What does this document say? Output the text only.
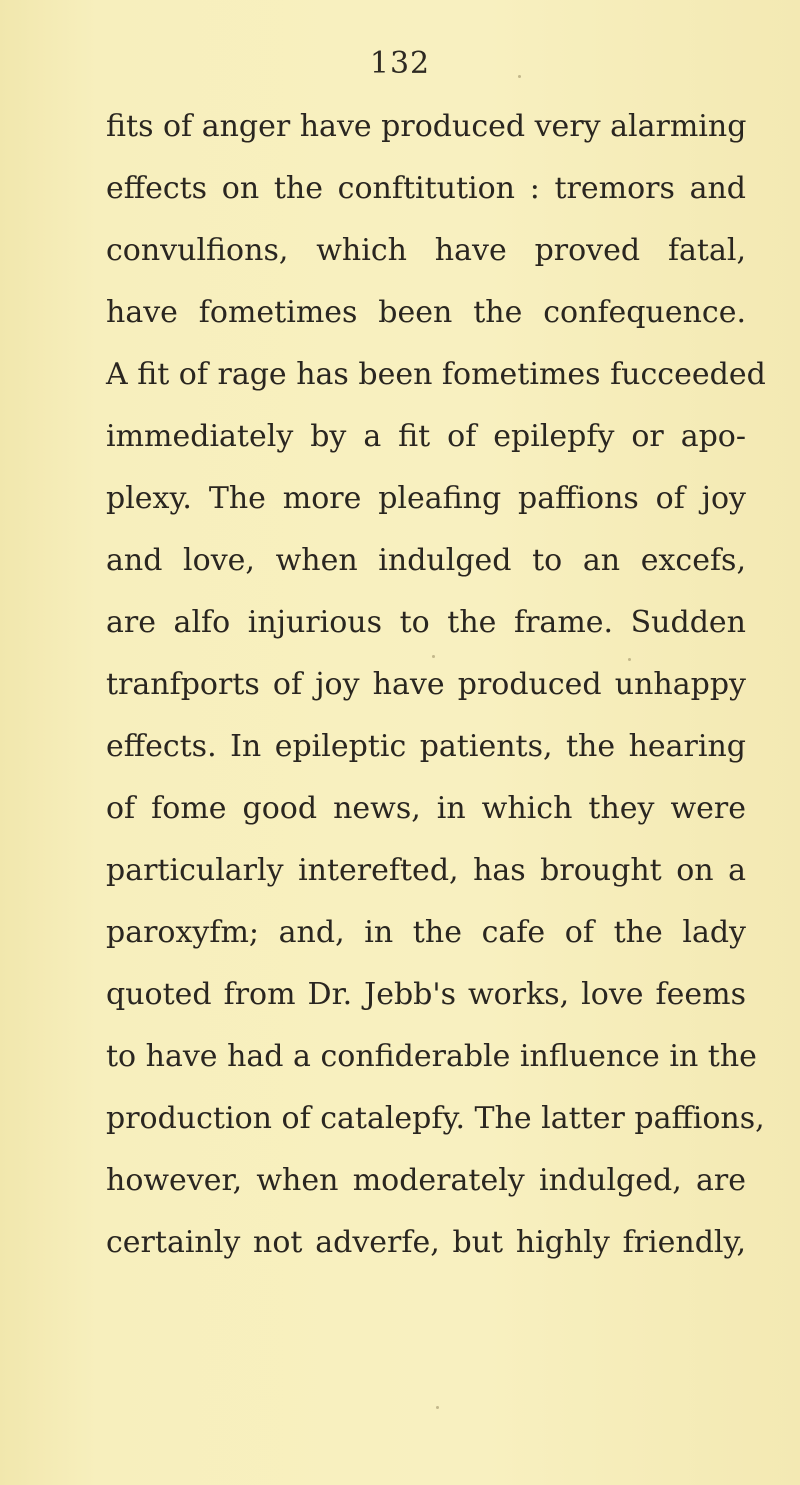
132
fits of anger have produced very alarming
effects on the conftitution : tremors and
convulfions, which have proved fatal,
have fometimes been the confequence.
A fit of rage has been fometimes fucceeded
immediately by a fit of epilepfy or apo-
plexy. The more pleafing paffions of joy
and love, when indulged to an excefs,
are alfo injurious to the frame. Sudden
tranfports of joy have produced unhappy
effects. In epileptic patients, the hearing
of fome good news, in which they were
particularly interefted, has brought on a
paroxyfm; and, in the cafe of the lady
quoted from Dr. Jebb's works, love feems
to have had a confiderable influence in the
production of catalepfy. The latter paffions,
however, when moderately indulged, are
certainly not adverfe, but highly friendly,
